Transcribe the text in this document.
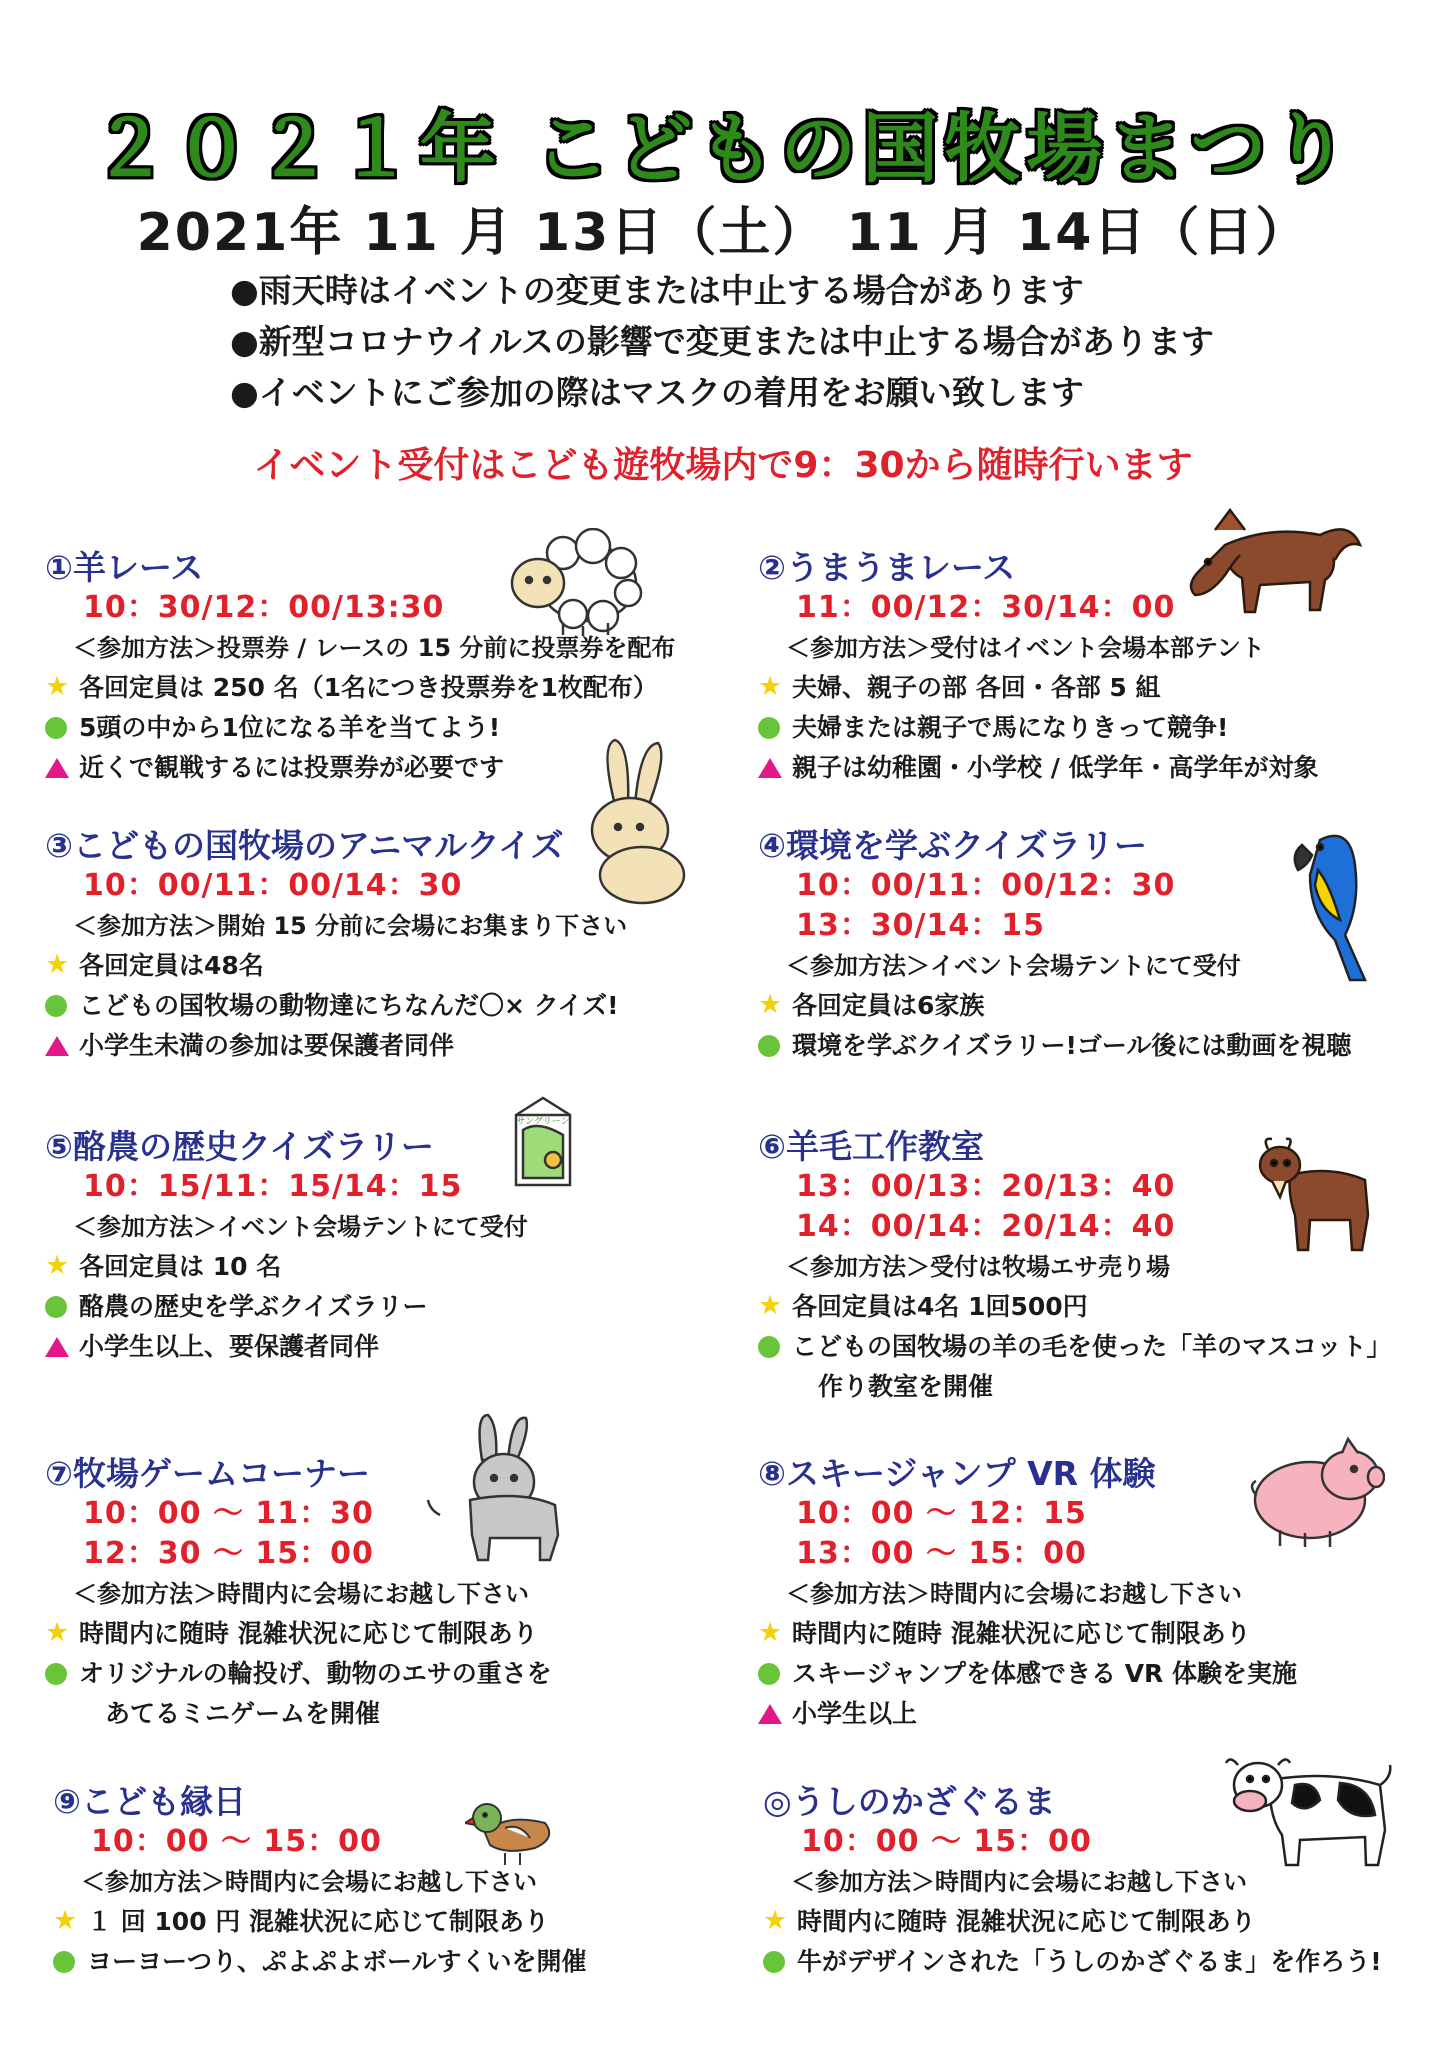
２０２１年 こどもの国牧場まつり
2021年 11 月 13日（土） 11 月 14日（日）
●雨天時はイベントの変更または中止する場合があります
●新型コロナウイルスの影響で変更または中止する場合があります
●イベントにご参加の際はマスクの着用をお願い致します
イベント受付はこども遊牧場内で9：30から随時行います
①羊レース
10：30/12：00/13:30
＜参加方法＞投票券 / レースの 15 分前に投票券を配布
★ 各回定員は 250 名（1名につき投票券を1枚配布）
5頭の中から1位になる羊を当てよう!
近くで観戦するには投票券が必要です
②うまうまレース
11：00/12：30/14：00
＜参加方法＞受付はイベント会場本部テント
★ 夫婦、親子の部 各回・各部 5 組
夫婦または親子で馬になりきって競争!
親子は幼稚園・小学校 / 低学年・高学年が対象
③こどもの国牧場のアニマルクイズ
10：00/11：00/14：30
＜参加方法＞開始 15 分前に会場にお集まり下さい
★ 各回定員は48名
こどもの国牧場の動物達にちなんだ〇× クイズ!
小学生未満の参加は要保護者同伴
④環境を学ぶクイズラリー
10：00/11：00/12：30
13：30/14：15
＜参加方法＞イベント会場テントにて受付
★ 各回定員は6家族
環境を学ぶクイズラリー!ゴール後には動画を視聴
⑤酪農の歴史クイズラリー
10：15/11：15/14：15
＜参加方法＞イベント会場テントにて受付
★ 各回定員は 10 名
酪農の歴史を学ぶクイズラリー
小学生以上、要保護者同伴
⑥羊毛工作教室
13：00/13：20/13：40
14：00/14：20/14：40
＜参加方法＞受付は牧場エサ売り場
★ 各回定員は4名 1回500円
こどもの国牧場の羊の毛を使った「羊のマスコット」
作り教室を開催
⑦牧場ゲームコーナー
10：00 〜 11：30
12：30 〜 15：00
＜参加方法＞時間内に会場にお越し下さい
★ 時間内に随時 混雑状況に応じて制限あり
オリジナルの輪投げ、動物のエサの重さを
あてるミニゲームを開催
⑧スキージャンプ VR 体験
10：00 〜 12：15
13：00 〜 15：00
＜参加方法＞時間内に会場にお越し下さい
★ 時間内に随時 混雑状況に応じて制限あり
スキージャンプを体感できる VR 体験を実施
小学生以上
⑨こども縁日
10：00 〜 15：00
＜参加方法＞時間内に会場にお越し下さい
★ １ 回 100 円 混雑状況に応じて制限あり
ヨーヨーつり、ぷよぷよボールすくいを開催
◎うしのかざぐるま
10：00 〜 15：00
＜参加方法＞時間内に会場にお越し下さい
★ 時間内に随時 混雑状況に応じて制限あり
牛がデザインされた「うしのかざぐるま」を作ろう!
サングリーン
